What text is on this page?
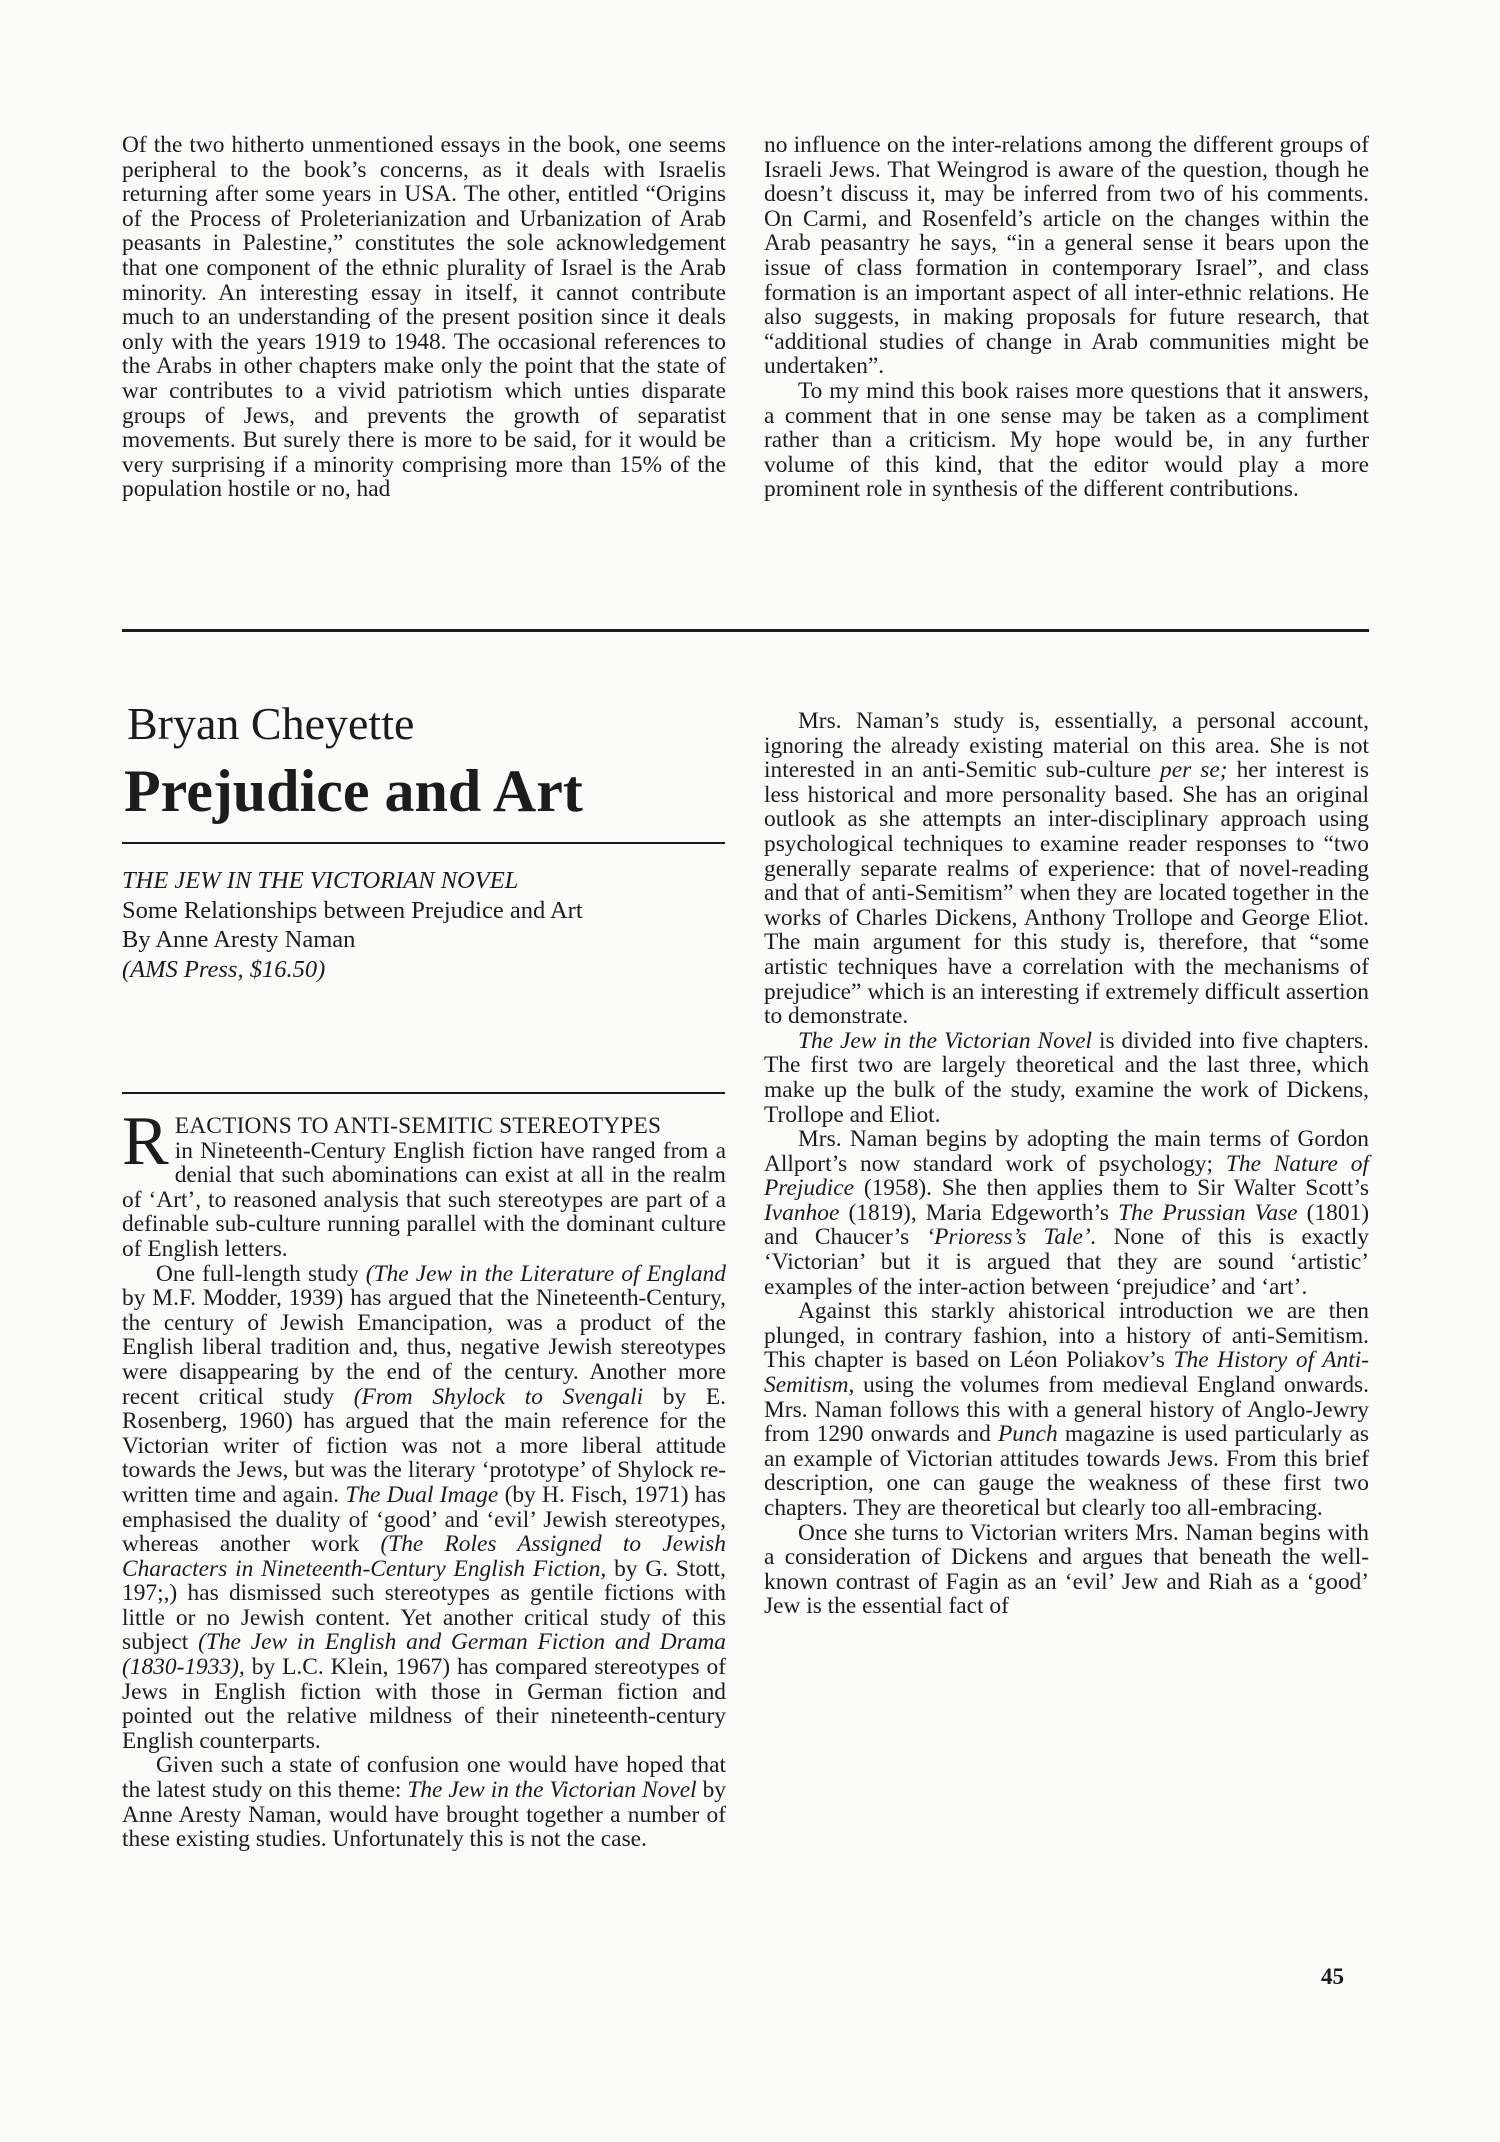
Of the two hitherto unmentioned essays in the book, one seems peripheral to the book’s concerns, as it deals with Israelis returning after some years in USA. The other, entitled “Origins of the Process of Proleterianization and Urbanization of Arab peasants in Palestine,” constitutes the sole acknowledgement that one component of the ethnic plurality of Israel is the Arab minority. An interesting essay in itself, it cannot contribute much to an understanding of the present position since it deals only with the years 1919 to 1948. The occasional references to the Arabs in other chapters make only the point that the state of war contributes to a vivid patriotism which unties disparate groups of Jews, and prevents the growth of separatist movements. But surely there is more to be said, for it would be very surprising if a minority comprising more than 15% of the population hostile or no, had

no influence on the inter-relations among the different groups of Israeli Jews. That Weingrod is aware of the question, though he doesn’t discuss it, may be inferred from two of his comments. On Carmi, and Rosenfeld’s article on the changes within the Arab peasantry he says, “in a general sense it bears upon the issue of class formation in contemporary Israel”, and class formation is an important aspect of all inter-ethnic relations. He also suggests, in making proposals for future research, that “additional studies of change in Arab communities might be undertaken”.

To my mind this book raises more questions that it answers, a comment that in one sense may be taken as a compliment rather than a criticism. My hope would be, in any further volume of this kind, that the editor would play a more prominent role in synthesis of the different contributions.

Bryan Cheyette
Prejudice and Art
THE JEW IN THE VICTORIAN NOVEL
Some Relationships between Prejudice and Art
By Anne Aresty Naman
(AMS Press, $16.50)

REACTIONS TO ANTI-SEMITIC STEREOTYPES
in Nineteenth-Century English fiction have ranged from a denial that such abominations can exist at all in the realm of ‘Art’, to reasoned analysis that such stereotypes are part of a definable sub-culture running parallel with the dominant culture of English letters.

One full-length study (The Jew in the Literature of England by M.F. Modder, 1939) has argued that the Nineteenth-Century, the century of Jewish Emancipation, was a product of the English liberal tradition and, thus, negative Jewish stereotypes were disappearing by the end of the century. Another more recent critical study (From Shylock to Svengali by E. Rosenberg, 1960) has argued that the main reference for the Victorian writer of fiction was not a more liberal attitude towards the Jews, but was the literary ‘prototype’ of Shylock re-written time and again. The Dual Image (by H. Fisch, 1971) has emphasised the duality of ‘good’ and ‘evil’ Jewish stereotypes, whereas another work (The Roles Assigned to Jewish Characters in Nineteenth-Century English Fiction, by G. Stott, 197;,) has dismissed such stereotypes as gentile fictions with little or no Jewish content. Yet another critical study of this subject (The Jew in English and German Fiction and Drama (1830-1933), by L.C. Klein, 1967) has compared stereotypes of Jews in English fiction with those in German fiction and pointed out the relative mildness of their nineteenth-century English counterparts.

Given such a state of confusion one would have hoped that the latest study on this theme: The Jew in the Victorian Novel by Anne Aresty Naman, would have brought together a number of these existing studies. Unfortunately this is not the case.

Mrs. Naman’s study is, essentially, a personal account, ignoring the already existing material on this area. She is not interested in an anti-Semitic sub-culture per se; her interest is less historical and more personality based. She has an original outlook as she attempts an inter-disciplinary approach using psychological techniques to examine reader responses to “two generally separate realms of experience: that of novel-reading and that of anti-Semitism” when they are located together in the works of Charles Dickens, Anthony Trollope and George Eliot. The main argument for this study is, therefore, that “some artistic techniques have a correlation with the mechanisms of prejudice” which is an interesting if extremely difficult assertion to demonstrate.

The Jew in the Victorian Novel is divided into five chapters. The first two are largely theoretical and the last three, which make up the bulk of the study, examine the work of Dickens, Trollope and Eliot.

Mrs. Naman begins by adopting the main terms of Gordon Allport’s now standard work of psychology; The Nature of Prejudice (1958). She then applies them to Sir Walter Scott’s Ivanhoe (1819), Maria Edgeworth’s The Prussian Vase (1801) and Chaucer’s ‘Prioress’s Tale’. None of this is exactly ‘Victorian’ but it is argued that they are sound ‘artistic’ examples of the inter-action between ‘prejudice’ and ‘art’.

Against this starkly ahistorical introduction we are then plunged, in contrary fashion, into a history of anti-Semitism. This chapter is based on Léon Poliakov’s The History of Anti-Semitism, using the volumes from medieval England onwards. Mrs. Naman follows this with a general history of Anglo-Jewry from 1290 onwards and Punch magazine is used particularly as an example of Victorian attitudes towards Jews. From this brief description, one can gauge the weakness of these first two chapters. They are theoretical but clearly too all-embracing.

Once she turns to Victorian writers Mrs. Naman begins with a consideration of Dickens and argues that beneath the well-known contrast of Fagin as an ‘evil’ Jew and Riah as a ‘good’ Jew is the essential fact of

45
